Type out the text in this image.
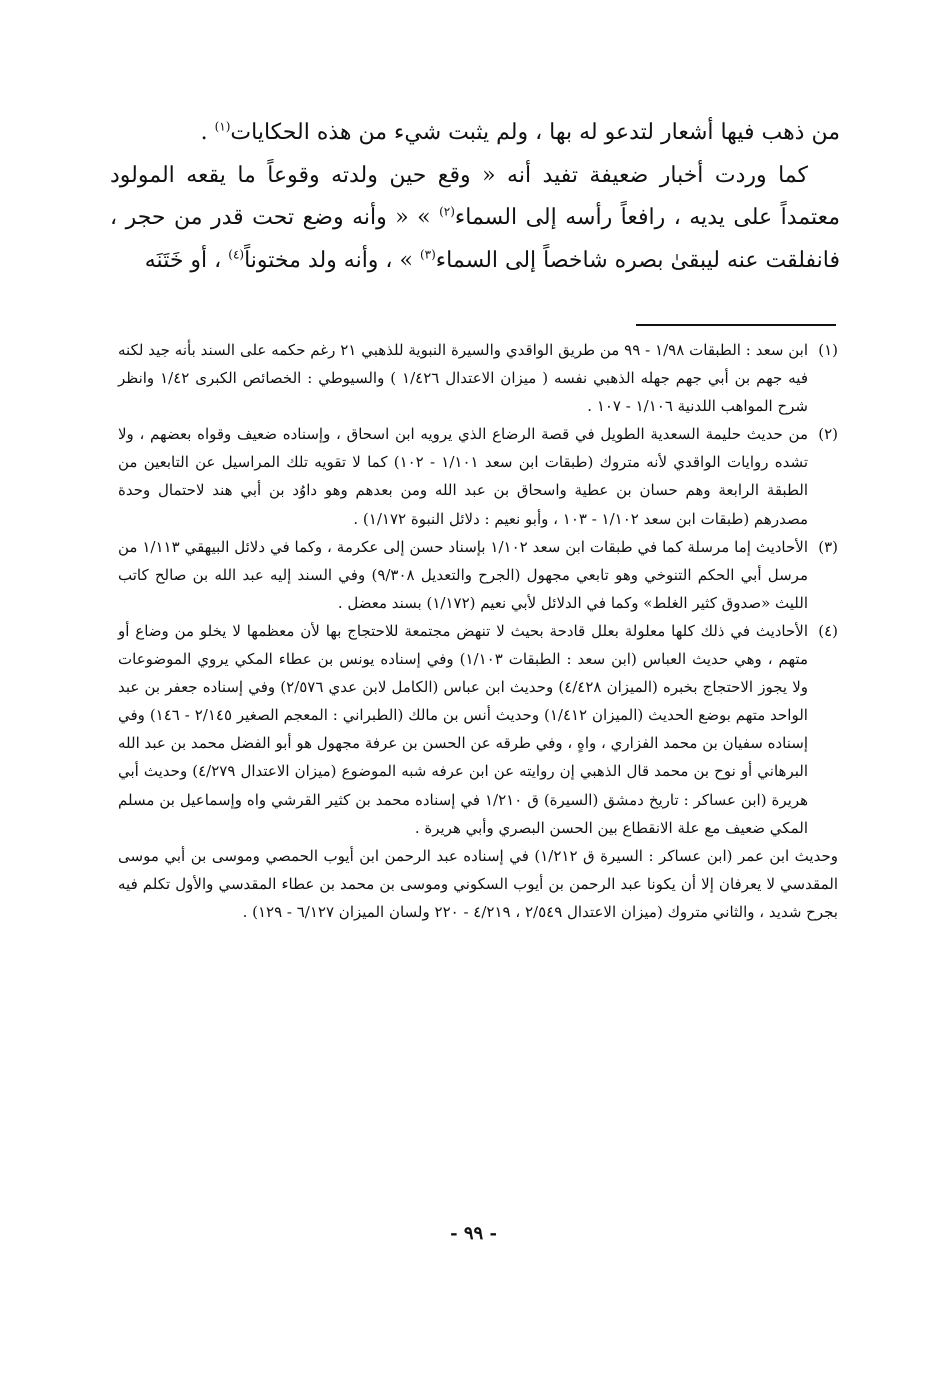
من ذهب فيها أشعار لتدعو له بها ، ولم يثبت شيء من هذه الحكايات$^{(١)}$ .

كما وردت أخبار ضعيفة تفيد أنه « وقع حين ولدته وقوعاً ما يقعه المولود معتمداً على يديه ، رافعاً رأسه إلى السماء$^{(٢)}$ » « وأنه وضع تحت قدر من حجر ، فانفلقت عنه ليبقىٰ بصره شاخصاً إلى السماء$^{(٣)}$ » ، وأنه ولد مختوناً$^{(٤)}$ ، أو خَتَنَه

(١)
ابن سعد : الطبقات ١/٩٨ - ٩٩ من طريق الواقدي والسيرة النبوية للذهبي ٢١ رغم حكمه على السند بأنه جيد لكنه فيه جهم بن أبي جهم جهله الذهبي نفسه ( ميزان الاعتدال ١/٤٢٦ ) والسيوطي : الخصائص الكبرى ١/٤٢ وانظر شرح المواهب اللدنية ١/١٠٦ - ١٠٧ .

(٢)
من حديث حليمة السعدية الطويل في قصة الرضاع الذي يرويه ابن اسحاق ، وإسناده ضعيف وقواه بعضهم ، ولا تشده روايات الواقدي لأنه متروك (طبقات ابن سعد ١/١٠١ - ١٠٢) كما لا تقويه تلك المراسيل عن التابعين من الطبقة الرابعة وهم حسان بن عطية واسحاق بن عبد الله ومن بعدهم وهو داوُد بن أبي هند لاحتمال وحدة مصدرهم (طبقات ابن سعد ١/١٠٢ - ١٠٣ ، وأبو نعيم : دلائل النبوة ١/١٧٢) .

(٣)
الأحاديث إما مرسلة كما في طبقات ابن سعد ١/١٠٢ بإسناد حسن إلى عكرمة ، وكما في دلائل البيهقي ١/١١٣ من مرسل أبي الحكم التنوخي وهو تابعي مجهول (الجرح والتعديل ٩/٣٠٨) وفي السند إليه عبد الله بن صالح كاتب الليث «صدوق كثير الغلط» وكما في الدلائل لأبي نعيم (١/١٧٢) بسند معضل .

(٤)
الأحاديث في ذلك كلها معلولة بعلل قادحة بحيث لا تنهض مجتمعة للاحتجاج بها لأن معظمها لا يخلو من وضاع أو متهم ، وهي حديث العباس (ابن سعد : الطبقات ١/١٠٣) وفي إسناده يونس بن عطاء المكي يروي الموضوعات ولا يجوز الاحتجاج بخبره (الميزان ٤/٤٢٨) وحديث ابن عباس (الكامل لابن عدي ٢/٥٧٦) وفي إسناده جعفر بن عبد الواحد متهم بوضع الحديث (الميزان ١/٤١٢) وحديث أنس بن مالك (الطبراني : المعجم الصغير ٢/١٤٥ - ١٤٦) وفي إسناده سفيان بن محمد الفزاري ، واهٍ ، وفي طرقه عن الحسن بن عرفة مجهول هو أبو الفضل محمد بن عبد الله البرهاني أو نوح بن محمد قال الذهبي إن روايته عن ابن عرفه شبه الموضوع (ميزان الاعتدال ٤/٢٧٩) وحديث أبي هريرة (ابن عساكر : تاريخ دمشق (السيرة) ق ١/٢١٠ في إسناده محمد بن كثير القرشي واه وإسماعيل بن مسلم المكي ضعيف مع علة الانقطاع بين الحسن البصري وأبي هريرة .

وحديث ابن عمر (ابن عساكر : السيرة ق ١/٢١٢) في إسناده عبد الرحمن ابن أيوب الحمصي وموسى بن أبي موسى المقدسي لا يعرفان إلا أن يكونا عبد الرحمن بن أيوب السكوني وموسى بن محمد بن عطاء المقدسي والأول تكلم فيه بجرح شديد ، والثاني متروك (ميزان الاعتدال ٢/٥٤٩ ، ٤/٢١٩ - ٢٢٠ ولسان الميزان ٦/١٢٧ - ١٢٩) .

- ٩٩ -
